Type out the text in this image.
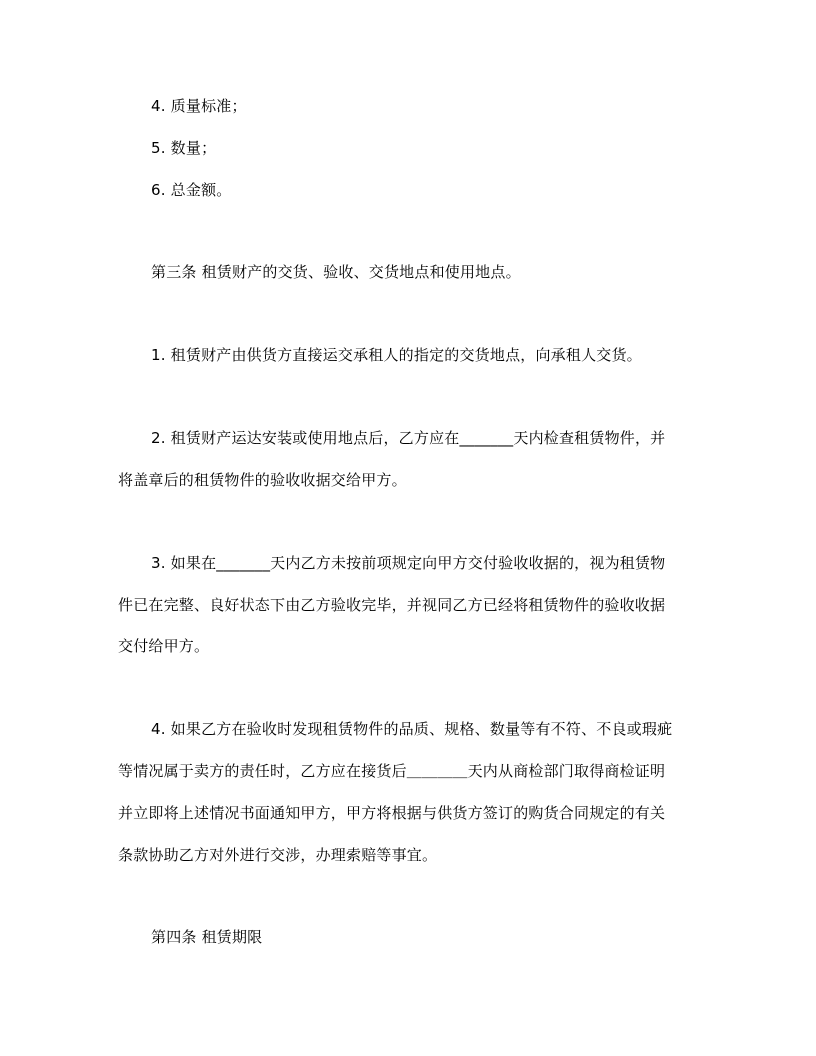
4. 质量标准；
5. 数量；
6. 总金额。
第三条 租赁财产的交货、验收、交货地点和使用地点。
1. 租赁财产由供货方直接运交承租人的指定的交货地点，向承租人交货。
2. 租赁财产运达安装或使用地点后，乙方应在_______天内检查租赁物件，并
将盖章后的租赁物件的验收收据交给甲方。
3. 如果在_______天内乙方未按前项规定向甲方交付验收收据的，视为租赁物
件已在完整、良好状态下由乙方验收完毕，并视同乙方已经将租赁物件的验收收据
交付给甲方。
4. 如果乙方在验收时发现租赁物件的品质、规格、数量等有不符、不良或瑕疵
等情况属于卖方的责任时，乙方应在接货后＿＿＿＿天内从商检部门取得商检证明
并立即将上述情况书面通知甲方，甲方将根据与供货方签订的购货合同规定的有关
条款协助乙方对外进行交涉，办理索赔等事宜。
第四条 租赁期限
